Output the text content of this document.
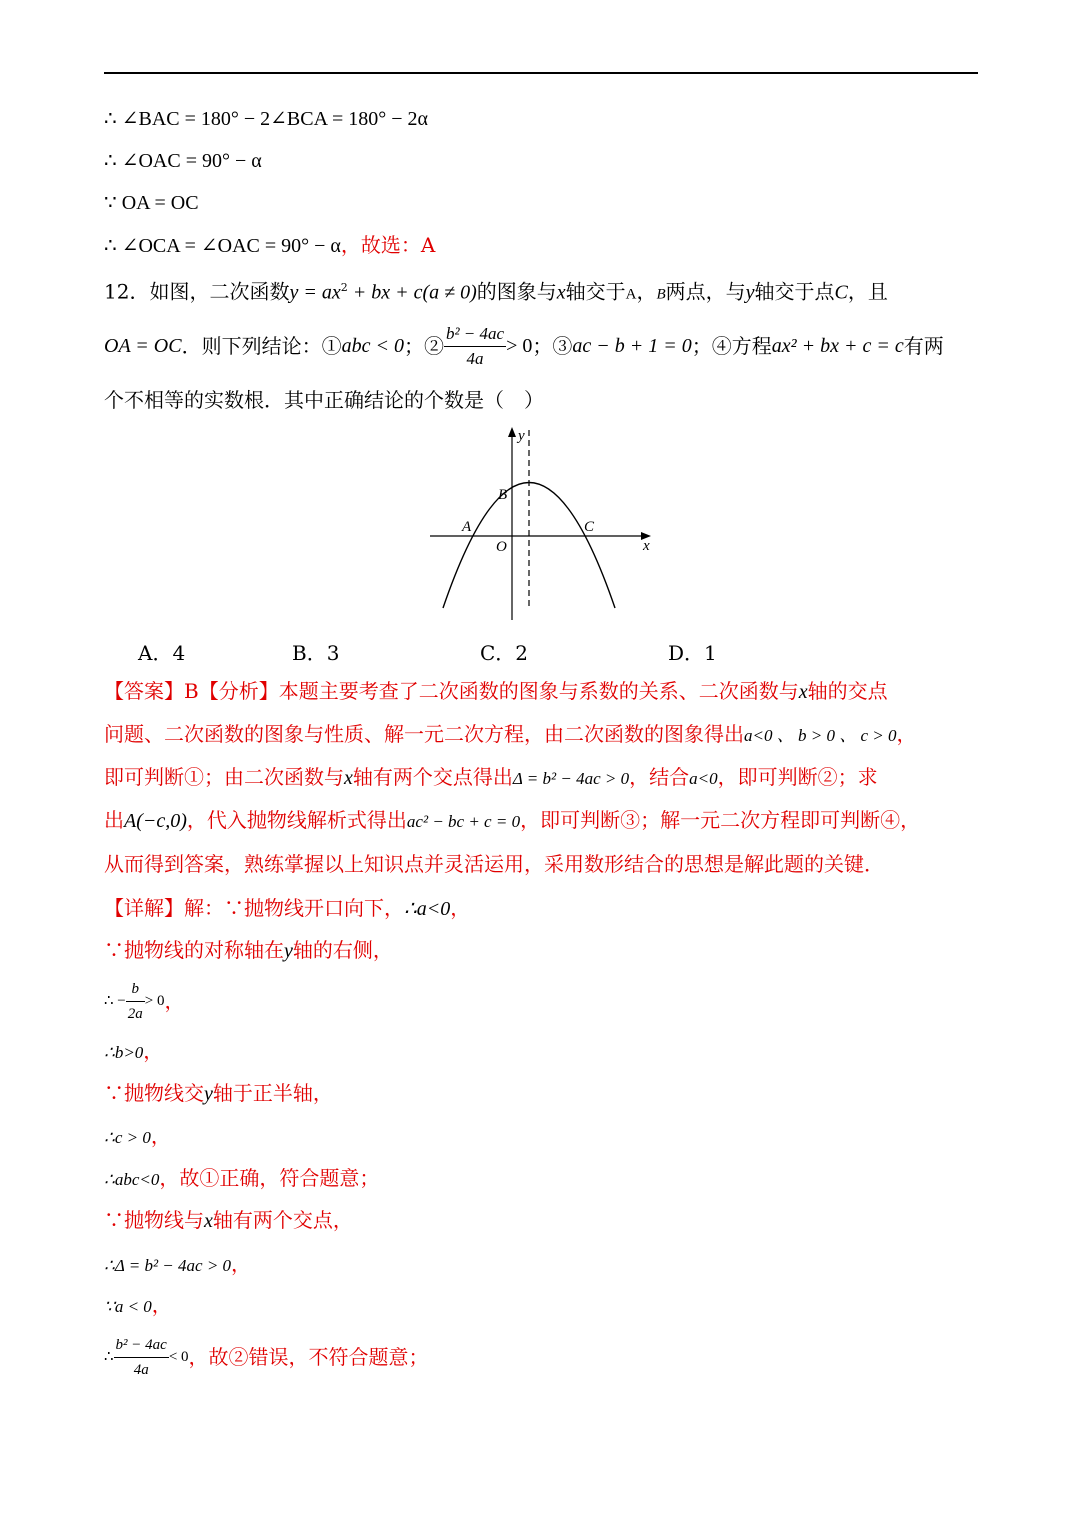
∴ ∠BAC = 180° − 2∠BCA = 180° − 2α
∴ ∠OAC = 90° − α
∵ OA = OC
∴ ∠OCA = ∠OAC = 90° − α，故选：A
12．如图，二次函数$y = ax^2$ + bx + c(a ≠ 0)的图象与x轴交于A，B两点，与y轴交于点C，且
OA = OC ．则下列结论：① abc < 0 ；② $\frac{\text{b² − 4ac}}{4a} > 0$ ；③ ac − b + 1 = 0 ；④方程 ax² + bx + c = c 有两
个不相等的实数根．其中正确结论的个数是（　）
y
x
B
A	C
O
A．4	B．3	C．2	D．1
【答案】B【分析】本题主要考查了二次函数的图象与系数的关系、二次函数与x轴的交点
问题、二次函数的图象与性质、解一元二次方程，由二次函数的图象得出a<0 、 b > 0 、 c > 0，
即可判断①；由二次函数与x轴有两个交点得出Δ = b² − 4ac > 0，结合a<0，即可判断②；求
出A(−c,0)，代入抛物线解析式得出ac² − bc + c = 0，即可判断③；解一元二次方程即可判断④，
从而得到答案，熟练掌握以上知识点并灵活运用，采用数形结合的思想是解此题的关键．
【详解】解：∵抛物线开口向下，∴a<0，
∵抛物线的对称轴在y轴的右侧，
∴ − $\frac{b}{2a} > 0$ ，
∴b>0，
∵抛物线交y轴于正半轴，
∴c > 0，
∴abc<0，故①正确，符合题意；
∵抛物线与x轴有两个交点，
∴Δ = b² − 4ac > 0，
∵a < 0，
∴ $\frac{\text{b² − 4ac}}{4a} < 0$ ，故②错误，不符合题意；
